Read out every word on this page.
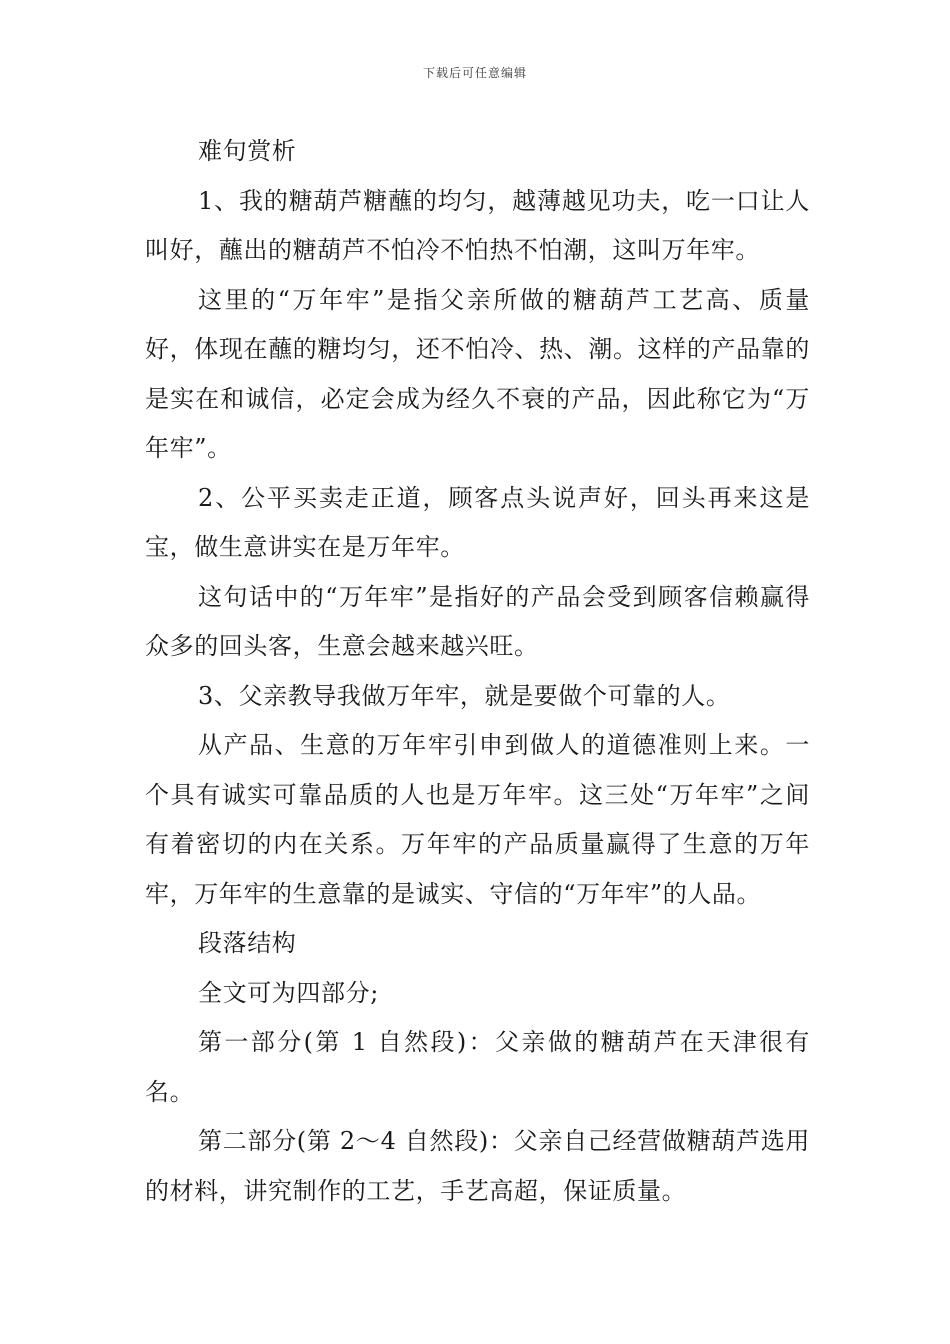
下载后可任意编辑

难句赏析

1、我的糖葫芦糖蘸的均匀，越薄越见功夫，吃一口让人叫好，蘸出的糖葫芦不怕冷不怕热不怕潮，这叫万年牢。

这里的“万年牢”是指父亲所做的糖葫芦工艺高、质量好，体现在蘸的糖均匀，还不怕冷、热、潮。这样的产品靠的是实在和诚信，必定会成为经久不衰的产品，因此称它为“万年牢”。

2、公平买卖走正道，顾客点头说声好，回头再来这是宝，做生意讲实在是万年牢。

这句话中的“万年牢”是指好的产品会受到顾客信赖赢得众多的回头客，生意会越来越兴旺。

3、父亲教导我做万年牢，就是要做个可靠的人。

从产品、生意的万年牢引申到做人的道德准则上来。一个具有诚实可靠品质的人也是万年牢。这三处“万年牢”之间有着密切的内在关系。万年牢的产品质量赢得了生意的万年牢，万年牢的生意靠的是诚实、守信的“万年牢”的人品。

段落结构

全文可为四部分;

第一部分(第 1 自然段)：父亲做的糖葫芦在天津很有名。

第二部分(第 2～4 自然段)：父亲自己经营做糖葫芦选用的材料，讲究制作的工艺，手艺高超，保证质量。
